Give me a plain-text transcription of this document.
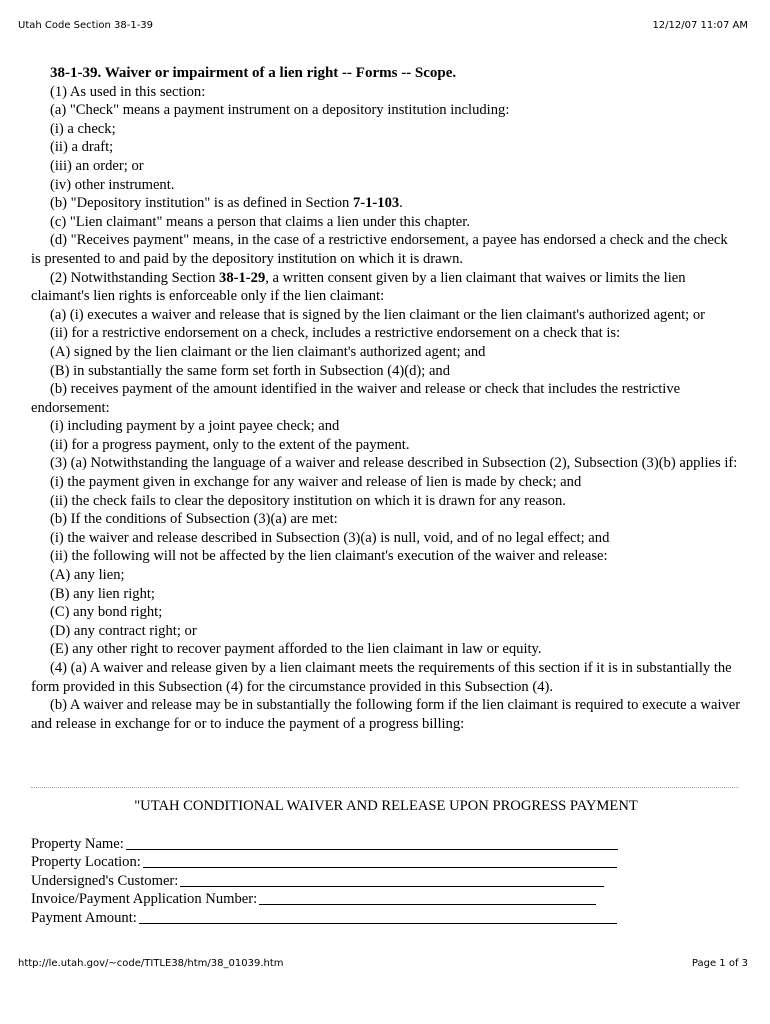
Utah Code Section 38-1-39	12/12/07 11:07 AM

38-1-39. Waiver or impairment of a lien right -- Forms -- Scope.

(1) As used in this section:

(a) "Check" means a payment instrument on a depository institution including:

(i) a check;

(ii) a draft;

(iii) an order; or

(iv) other instrument.

(b) "Depository institution" is as defined in Section 7-1-103.

(c) "Lien claimant" means a person that claims a lien under this chapter.

(d) "Receives payment" means, in the case of a restrictive endorsement, a payee has endorsed a check and the check is presented to and paid by the depository institution on which it is drawn.

(2) Notwithstanding Section 38-1-29, a written consent given by a lien claimant that waives or limits the lien claimant's lien rights is enforceable only if the lien claimant:

(a) (i) executes a waiver and release that is signed by the lien claimant or the lien claimant's authorized agent; or

(ii) for a restrictive endorsement on a check, includes a restrictive endorsement on a check that is:

(A) signed by the lien claimant or the lien claimant's authorized agent; and

(B) in substantially the same form set forth in Subsection (4)(d); and

(b) receives payment of the amount identified in the waiver and release or check that includes the restrictive endorsement:

(i) including payment by a joint payee check; and

(ii) for a progress payment, only to the extent of the payment.

(3) (a) Notwithstanding the language of a waiver and release described in Subsection (2), Subsection (3)(b) applies if:

(i) the payment given in exchange for any waiver and release of lien is made by check; and

(ii) the check fails to clear the depository institution on which it is drawn for any reason.

(b) If the conditions of Subsection (3)(a) are met:

(i) the waiver and release described in Subsection (3)(a) is null, void, and of no legal effect; and

(ii) the following will not be affected by the lien claimant's execution of the waiver and release:

(A) any lien;

(B) any lien right;

(C) any bond right;

(D) any contract right; or

(E) any other right to recover payment afforded to the lien claimant in law or equity.

(4) (a) A waiver and release given by a lien claimant meets the requirements of this section if it is in substantially the form provided in this Subsection (4) for the circumstance provided in this Subsection (4).

(b) A waiver and release may be in substantially the following form if the lien claimant is required to execute a waiver and release in exchange for or to induce the payment of a progress billing:

"UTAH CONDITIONAL WAIVER AND RELEASE UPON PROGRESS PAYMENT
Property Name:
Property Location:
Undersigned's Customer:
Invoice/Payment Application Number:
Payment Amount:
http://le.utah.gov/~code/TITLE38/htm/38_01039.htm	Page 1 of 3
